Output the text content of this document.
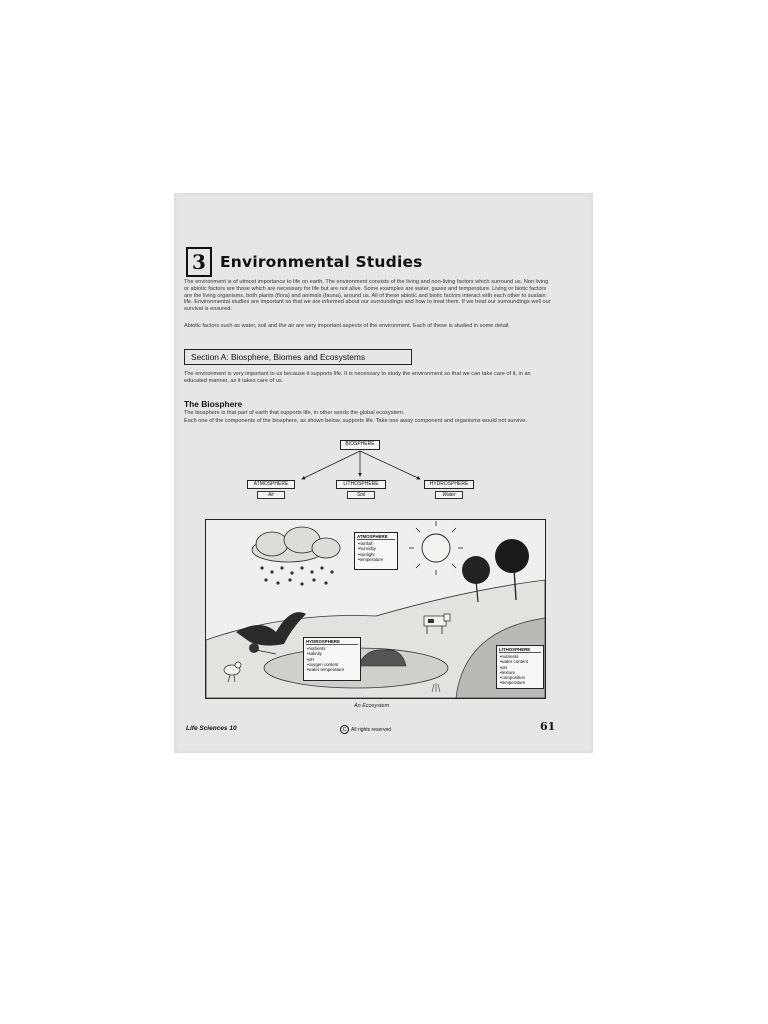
3 Environmental Studies
The environment is of utmost importance to life on earth. The environment consists of the living and non-living factors which surround us. Non living or abiotic factors are those which are necessary for life but are not alive. Some examples are water, gases and temperature. Living or biotic factors are the living organisms, both plants (flora) and animals (fauna), around us. All of these abiotic and biotic factors interact with each other to sustain life. Environmental studies are important so that we are informed about our surroundings and how to treat them. If we treat our surroundings well our survival is ensured.
Abiotic factors such as water, soil and the air are very important aspects of the environment. Each of these is studied in some detail.
Section A: Biosphere, Biomes and Ecosystems
The environment is very important to us because it supports life. It is necessary to study the environment so that we can take care of it, in an educated manner, as it takes care of us.
The Biosphere
The biosphere is that part of earth that supports life, in other words the global ecosystem.
Each one of the components of the biosphere, as shown below, supports life. Take one away component and organisms would not survive.
BIOSPHERE
ATMOSPHERE
Air
LITHOSPHERE
Soil
HYDROSPHERE
Water
ATMOSPHERE
• rainfall
• humidity
• sunlight
• temperature
HYDROSPHERE
• nutrients
• salinity
• pH
• oxygen content
• water temperature
LITHOSPHERE
• nutrients
• water content
• pH
• texture
• composition
• temperature
An Ecosystem
Life Sciences 10	C All rights reserved	61
